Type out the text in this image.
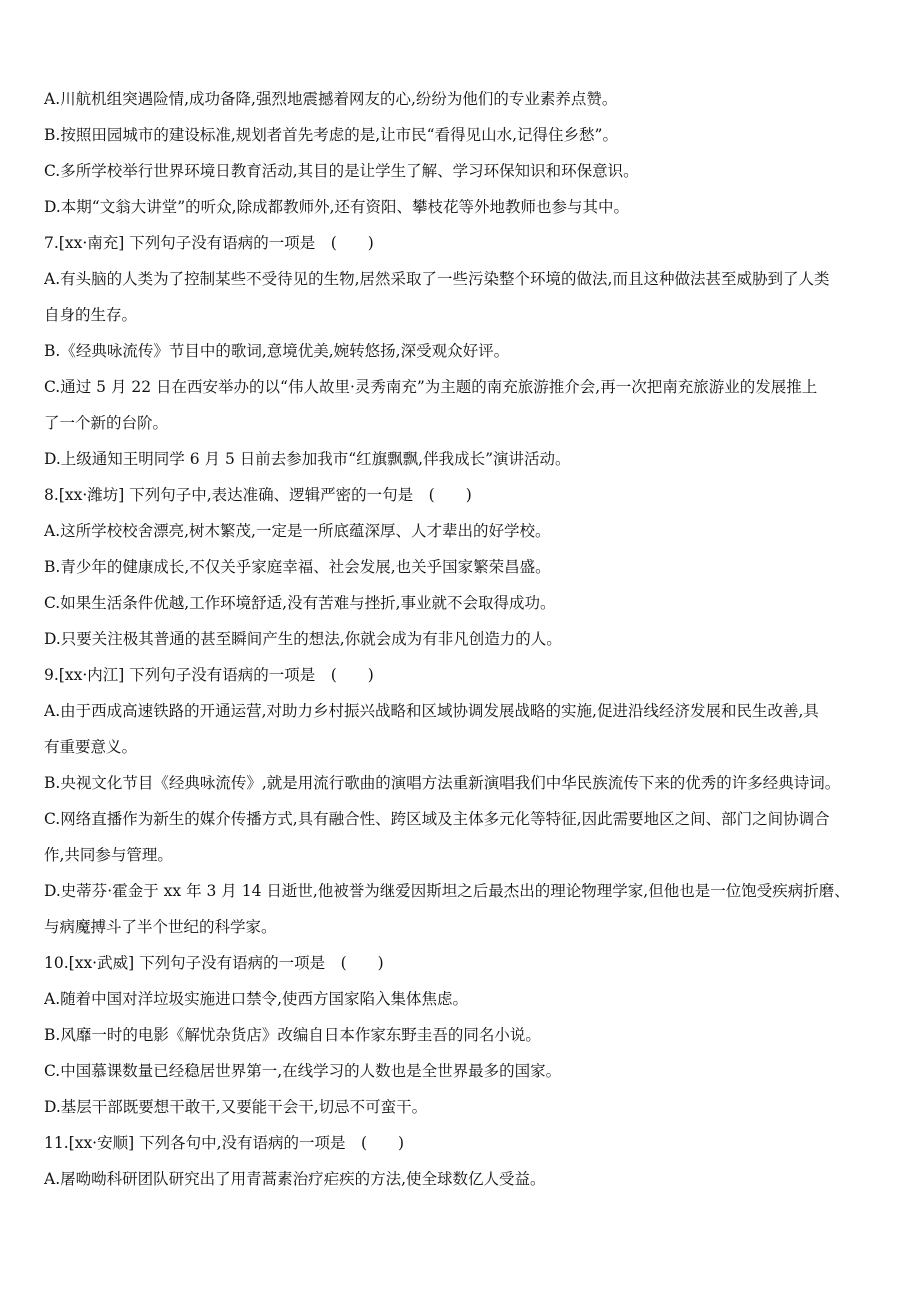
A.川航机组突遇险情,成功备降,强烈地震撼着网友的心,纷纷为他们的专业素养点赞。
B.按照田园城市的建设标准,规划者首先考虑的是,让市民“看得见山水,记得住乡愁”。
C.多所学校举行世界环境日教育活动,其目的是让学生了解、学习环保知识和环保意识。
D.本期“文翁大讲堂”的听众,除成都教师外,还有资阳、攀枝花等外地教师也参与其中。
7.[xx·南充] 下列句子没有语病的一项是　(　　)
A.有头脑的人类为了控制某些不受待见的生物,居然采取了一些污染整个环境的做法,而且这种做法甚至威胁到了人类
自身的生存。
B.《经典咏流传》节目中的歌词,意境优美,婉转悠扬,深受观众好评。
C.通过 5 月 22 日在西安举办的以“伟人故里·灵秀南充”为主题的南充旅游推介会,再一次把南充旅游业的发展推上
了一个新的台阶。
D.上级通知王明同学 6 月 5 日前去参加我市“红旗飘飘,伴我成长”演讲活动。
8.[xx·潍坊] 下列句子中,表达准确、逻辑严密的一句是　(　　)
A.这所学校校舍漂亮,树木繁茂,一定是一所底蕴深厚、人才辈出的好学校。
B.青少年的健康成长,不仅关乎家庭幸福、社会发展,也关乎国家繁荣昌盛。
C.如果生活条件优越,工作环境舒适,没有苦难与挫折,事业就不会取得成功。
D.只要关注极其普通的甚至瞬间产生的想法,你就会成为有非凡创造力的人。
9.[xx·内江] 下列句子没有语病的一项是　(　　)
A.由于西成高速铁路的开通运营,对助力乡村振兴战略和区域协调发展战略的实施,促进沿线经济发展和民生改善,具
有重要意义。
B.央视文化节目《经典咏流传》,就是用流行歌曲的演唱方法重新演唱我们中华民族流传下来的优秀的许多经典诗词。
C.网络直播作为新生的媒介传播方式,具有融合性、跨区域及主体多元化等特征,因此需要地区之间、部门之间协调合
作,共同参与管理。
D.史蒂芬·霍金于 xx 年 3 月 14 日逝世,他被誉为继爱因斯坦之后最杰出的理论物理学家,但他也是一位饱受疾病折磨、
与病魔搏斗了半个世纪的科学家。
10.[xx·武威] 下列句子没有语病的一项是　(　　)
A.随着中国对洋垃圾实施进口禁令,使西方国家陷入集体焦虑。
B.风靡一时的电影《解忧杂货店》改编自日本作家东野圭吾的同名小说。
C.中国慕课数量已经稳居世界第一,在线学习的人数也是全世界最多的国家。
D.基层干部既要想干敢干,又要能干会干,切忌不可蛮干。
11.[xx·安顺] 下列各句中,没有语病的一项是　(　　)
A.屠呦呦科研团队研究出了用青蒿素治疗疟疾的方法,使全球数亿人受益。
